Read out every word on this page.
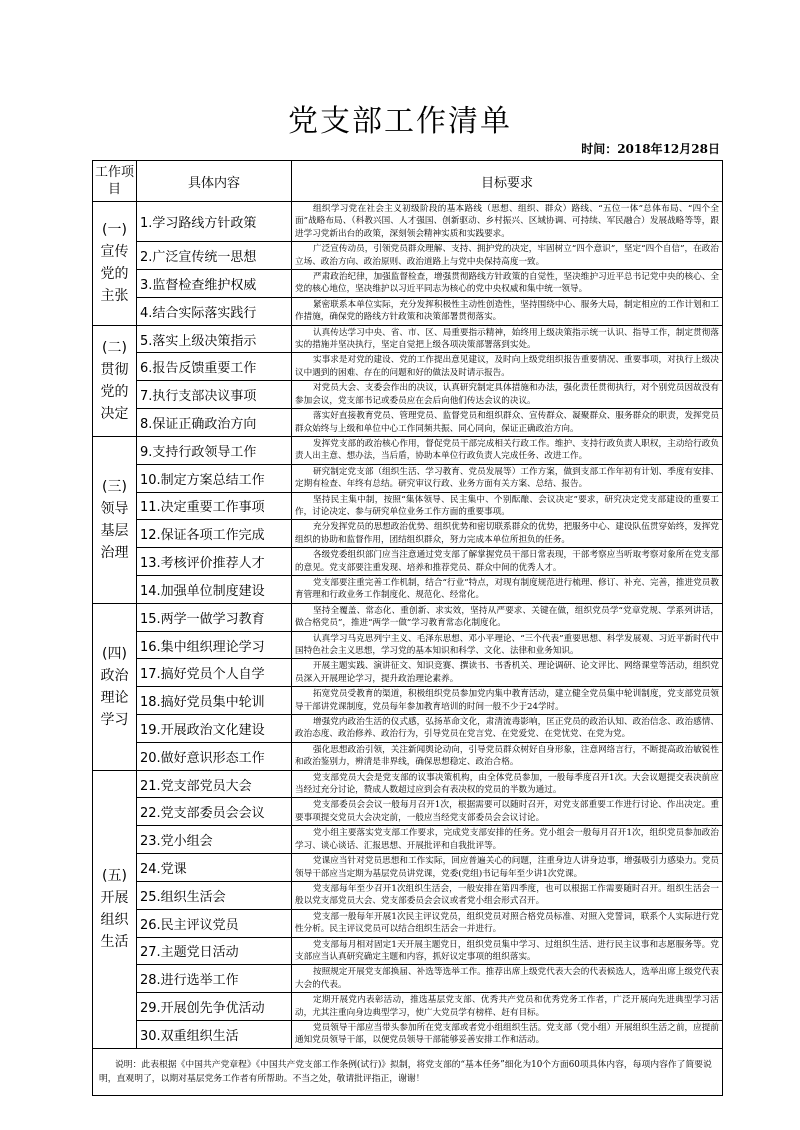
党支部工作清单
时间：2018年12月28日
工作项目	具体内容	目标要求
(一)宣传党的主张	1.学习路线方针政策	组织学习党在社会主义初级阶段的基本路线（思想、组织、群众）路线、“五位一体”总体布局、“四个全面”战略布局、（科教兴国、人才强国、创新驱动、乡村振兴、区域协调、可持续、军民融合）发展战略等等，跟进学习党新出台的政策，深刻领会精神实质和实践要求。
	2.广泛宣传统一思想	广泛宣传动员，引领党员群众理解、支持、拥护党的决定，牢固树立“四个意识”，坚定“四个自信”，在政治立场、政治方向、政治原则、政治道路上与党中央保持高度一致。
	3.监督检查维护权威	严肃政治纪律，加强监督检查，增强贯彻路线方针政策的自觉性，坚决维护习近平总书记党中央的核心、全党的核心地位，坚决维护以习近平同志为核心的党中央权威和集中统一领导。
	4.结合实际落实践行	紧密联系本单位实际，充分发挥积极性主动性创造性，坚持围绕中心、服务大局，制定相应的工作计划和工作措施，确保党的路线方针政策和决策部署贯彻落实。
(二)贯彻党的决定	5.落实上级决策指示	认真传达学习中央、省、市、区、局重要指示精神，始终用上级决策指示统一认识、指导工作，制定贯彻落实的措施并坚决执行，坚定自觉把上级各项决策部署落到实处。
	6.报告反馈重要工作	实事求是对党的建设、党的工作提出意见建议，及时向上级党组织报告重要情况、重要事项，对执行上级决议中遇到的困难、存在的问题和好的做法及时请示报告。
	7.执行支部决议事项	对党员大会、支委会作出的决议，认真研究制定具体措施和办法，强化责任贯彻执行，对个别党员因故没有参加会议，党支部书记或委员应在会后向他们传达会议的决议。
	8.保证正确政治方向	落实好直接教育党员、管理党员、监督党员和组织群众、宣传群众、凝聚群众、服务群众的职责，发挥党员群众始终与上级和单位中心工作同频共振、同心同向，保证正确政治方向。
(三)领导基层治理	9.支持行政领导工作	发挥党支部的政治核心作用，督促党员干部完成相关行政工作。维护、支持行政负责人职权，主动给行政负责人出主意、想办法，当后盾，协助本单位行政负责人完成任务、改进工作。
	10.制定方案总结工作	研究制定党支部（组织生活、学习教育、党员发展等）工作方案，做到支部工作年初有计划、季度有安排、定期有检查、年终有总结。研究审议行政、业务方面有关方案、总结、报告。
	11.决定重要工作事项	坚持民主集中制，按照“集体领导、民主集中、个别酝酿、会议决定”要求，研究决定党支部建设的重要工作，讨论决定、参与研究单位业务工作方面的重要事项。
	12.保证各项工作完成	充分发挥党员的思想政治优势、组织优势和密切联系群众的优势，把服务中心、建设队伍贯穿始终，发挥党组织的协助和监督作用，团结组织群众，努力完成本单位所担负的任务。
	13.考核评价推荐人才	各级党委组织部门应当注意通过党支部了解掌握党员干部日常表现，干部考察应当听取考察对象所在党支部的意见。党支部要注重发现、培养和推荐党员、群众中间的优秀人才。
	14.加强单位制度建设	党支部要注重完善工作机制，结合“行业”特点，对现有制度规范进行梳理、修订、补充、完善，推进党员教育管理和行政业务工作制度化、规范化、经常化。
(四)政治理论学习	15.两学一做学习教育	坚持全覆盖、常态化、重创新、求实效，坚持从严要求、关键在做，组织党员学“党章党规、学系列讲话，做合格党员”，推进“两学一做”学习教育常态化制度化。
	16.集中组织理论学习	认真学习马克思列宁主义、毛泽东思想、邓小平理论、“三个代表”重要思想、科学发展观、习近平新时代中国特色社会主义思想，学习党的基本知识和科学、文化、法律和业务知识。
	17.搞好党员个人自学	开展主题实践、演讲征文、知识竞赛、撰读书、书香机关、理论调研、论文评比、网络课堂等活动，组织党员深入开展理论学习，提升政治理论素养。
	18.搞好党员集中轮训	拓宽党员受教育的渠道，积极组织党员参加党内集中教育活动，建立健全党员集中轮训制度，党支部党员领导干部讲党课制度，党员每年参加教育培训的时间一般不少于24学时。
	19.开展政治文化建设	增强党内政治生活的仪式感，弘扬革命文化，肃清流毒影响，匡正党员的政治认知、政治信念、政治感情、政治态度、政治修养、政治行为，引导党员在党言党、在党爱党、在党忧党、在党为党。
	20.做好意识形态工作	强化思想政治引领，关注新闻舆论动向，引导党员群众树好自身形象，注意网络言行，不断提高政治敏锐性和政治鉴别力，辨清是非界线，确保思想稳定、政治合格。
(五)开展组织生活	21.党支部党员大会	党支部党员大会是党支部的议事决策机构，由全体党员参加，一般每季度召开1次。大会议题提交表决前应当经过充分讨论，赞成人数超过应到会有表决权的党员的半数为通过。
	22.党支部委员会会议	党支部委员会会议一般每月召开1次，根据需要可以随时召开，对党支部重要工作进行讨论、作出决定。重要事项提交党员大会决定前，一般应当经党支部委员会会议讨论。
	23.党小组会	党小组主要落实党支部工作要求，完成党支部安排的任务。党小组会一般每月召开1次，组织党员参加政治学习、谈心谈话、汇报思想、开展批评和自我批评等。
	24.党课	党课应当针对党员思想和工作实际，回应普遍关心的问题，注重身边人讲身边事，增强吸引力感染力。党员领导干部应当定期为基层党员讲党课，党委(党组)书记每年至少讲1次党课。
	25.组织生活会	党支部每年至少召开1次组织生活会，一般安排在第四季度，也可以根据工作需要随时召开。组织生活会一般以党支部党员大会、党支部委员会会议或者党小组会形式召开。
	26.民主评议党员	党支部一般每年开展1次民主评议党员，组织党员对照合格党员标准、对照入党誓词，联系个人实际进行党性分析。民主评议党员可以结合组织生活会一并进行。
	27.主题党日活动	党支部每月相对固定1天开展主题党日，组织党员集中学习、过组织生活、进行民主议事和志愿服务等。党支部应当认真研究确定主题和内容，抓好议定事项的组织落实。
	28.进行选举工作	按照规定开展党支部换届、补选等选举工作。推荐出席上级党代表大会的代表候选人，选举出席上级党代表大会的代表。
	29.开展创先争优活动	定期开展党内表彰活动，推选基层党支部、优秀共产党员和优秀党务工作者，广泛开展向先进典型学习活动，尤其注重向身边典型学习，使广大党员学有榜样、赶有目标。
	30.双重组织生活	党员领导干部应当带头参加所在党支部或者党小组组织生活。党支部（党小组）开展组织生活之前，应提前通知党员领导干部，以便党员领导干部能够妥善安排工作和活动。
说明：此表根据《中国共产党章程》《中国共产党支部工作条例(试行)》拟制，将党支部的“基本任务”细化为10个方面60项具体内容，每项内容作了简要说明，直观明了，以期对基层党务工作者有所帮助。不当之处，敬请批评指正，谢谢！		
